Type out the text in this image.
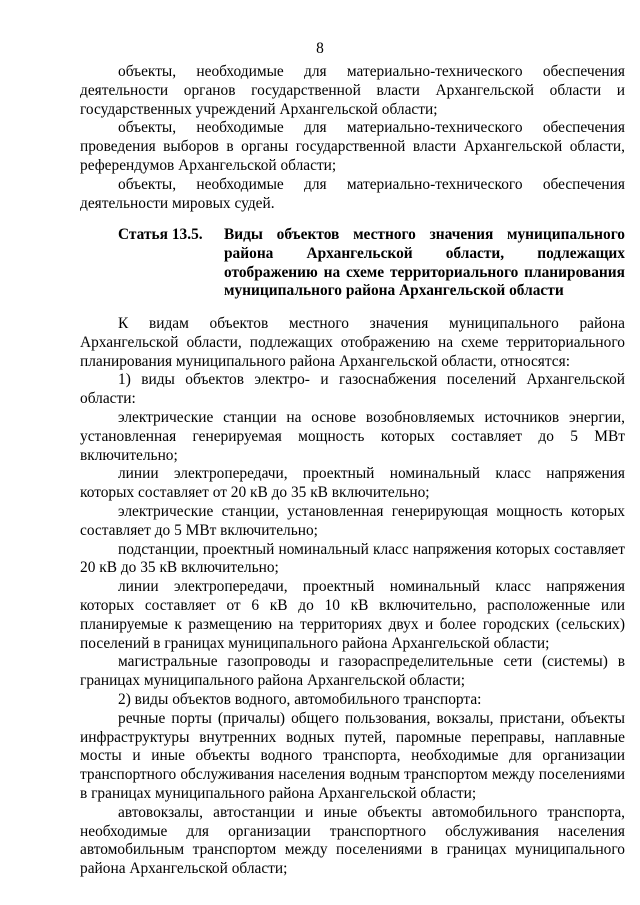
8

объекты, необходимые для материально-технического обеспечения деятельности органов государственной власти Архангельской области и государственных учреждений Архангельской области;

объекты, необходимые для материально-технического обеспечения проведения выборов в органы государственной власти Архангельской области, референдумов Архангельской области;

объекты, необходимые для материально-технического обеспечения деятельности мировых судей.

Статья 13.5.	Виды объектов местного значения муниципального района Архангельской области, подлежащих отображению на схеме территориального планирования муниципального района Архангельской области

К видам объектов местного значения муниципального района Архангельской области, подлежащих отображению на схеме территориального планирования муниципального района Архангельской области, относятся:

1) виды объектов электро- и газоснабжения поселений Архангельской области:

электрические станции на основе возобновляемых источников энергии, установленная генерируемая мощность которых составляет до 5 МВт включительно;

линии электропередачи, проектный номинальный класс напряжения которых составляет от 20 кВ до 35 кВ включительно;

электрические станции, установленная генерирующая мощность которых составляет до 5 МВт включительно;

подстанции, проектный номинальный класс напряжения которых составляет 20 кВ до 35 кВ включительно;

линии электропередачи, проектный номинальный класс напряжения которых составляет от 6 кВ до 10 кВ включительно, расположенные или планируемые к размещению на территориях двух и более городских (сельских) поселений в границах муниципального района Архангельской области;

магистральные газопроводы и газораспределительные сети (системы) в границах муниципального района Архангельской области;

2) виды объектов водного, автомобильного транспорта:

речные порты (причалы) общего пользования, вокзалы, пристани, объекты инфраструктуры внутренних водных путей, паромные переправы, наплавные мосты и иные объекты водного транспорта, необходимые для организации транспортного обслуживания населения водным транспортом между поселениями в границах муниципального района Архангельской области;

автовокзалы, автостанции и иные объекты автомобильного транспорта, необходимые для организации транспортного обслуживания населения автомобильным транспортом между поселениями в границах муниципального района Архангельской области;
